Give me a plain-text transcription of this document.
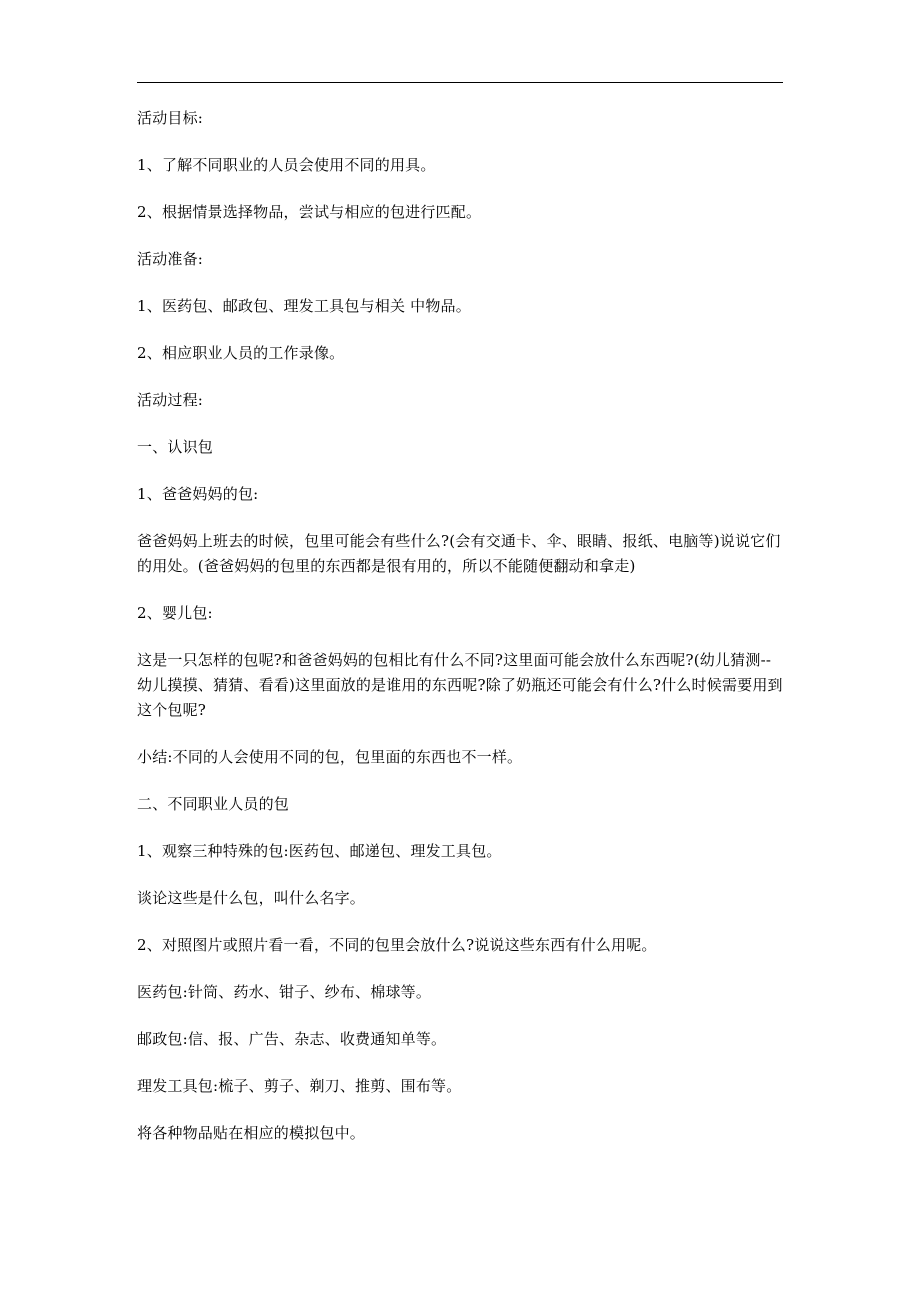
活动目标:

1、了解不同职业的人员会使用不同的用具。

2、根据情景选择物品，尝试与相应的包进行匹配。

活动准备:

1、医药包、邮政包、理发工具包与相关 中物品。

2、相应职业人员的工作录像。

活动过程:

一、认识包

1、爸爸妈妈的包:

爸爸妈妈上班去的时候，包里可能会有些什么?(会有交通卡、伞、眼睛、报纸、电脑等)说说它们的用处。(爸爸妈妈的包里的东西都是很有用的，所以不能随便翻动和拿走)

2、婴儿包:

这是一只怎样的包呢?和爸爸妈妈的包相比有什么不同?这里面可能会放什么东西呢?(幼儿猜测--幼儿摸摸、猜猜、看看)这里面放的是谁用的东西呢?除了奶瓶还可能会有什么?什么时候需要用到这个包呢?

小结:不同的人会使用不同的包，包里面的东西也不一样。

二、不同职业人员的包

1、观察三种特殊的包:医药包、邮递包、理发工具包。

谈论这些是什么包，叫什么名字。

2、对照图片或照片看一看，不同的包里会放什么?说说这些东西有什么用呢。

医药包:针筒、药水、钳子、纱布、棉球等。

邮政包:信、报、广告、杂志、收费通知单等。

理发工具包:梳子、剪子、剃刀、推剪、围布等。

将各种物品贴在相应的模拟包中。
